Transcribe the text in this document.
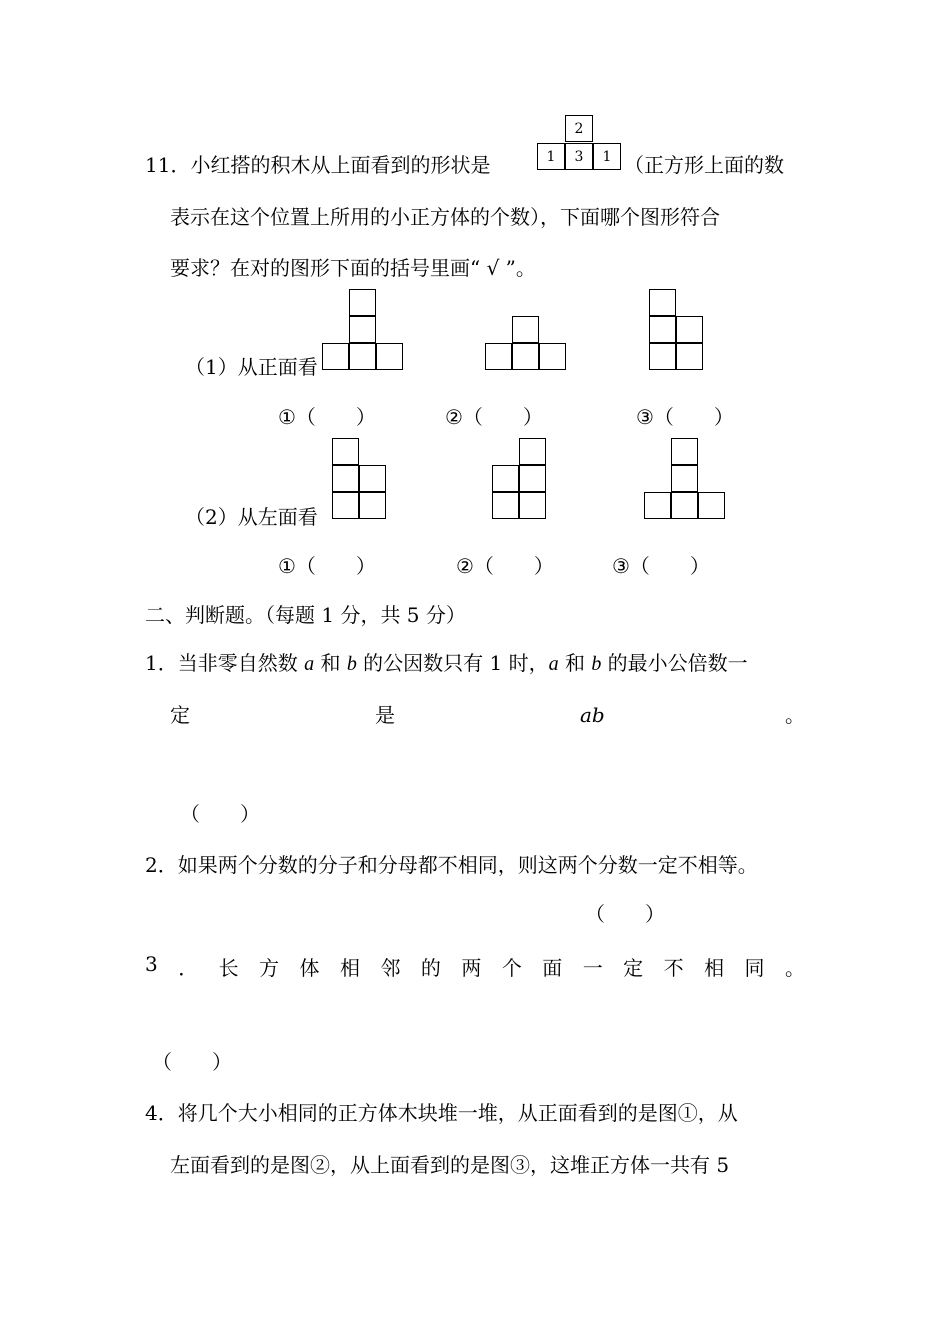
11．小红搭的积木从上面看到的形状是
2
1	3	1 （正方形上面的数
表示在这个位置上所用的小正方体的个数），下面哪个图形符合
要求？在对的图形下面的括号里画“ √ ”。
（1）从正面看
①（　　）	②（　　）	③（　　）
（2）从左面看
①（　　）	②（　　）	③（　　）
二、判断题。（每题 1 分，共 5 分）
1．当非零自然数 a 和 b 的公因数只有 1 时，a 和 b 的最小公倍数一
定	是	ab	。
（　　）
2．如果两个分数的分子和分母都不相同，则这两个分数一定不相等。
（　　）
3 ． 长 方 体 相 邻 的 两 个 面 一 定 不 相 同 。
（　　）
4．将几个大小相同的正方体木块堆一堆，从正面看到的是图①，从
左面看到的是图②，从上面看到的是图③，这堆正方体一共有 5
